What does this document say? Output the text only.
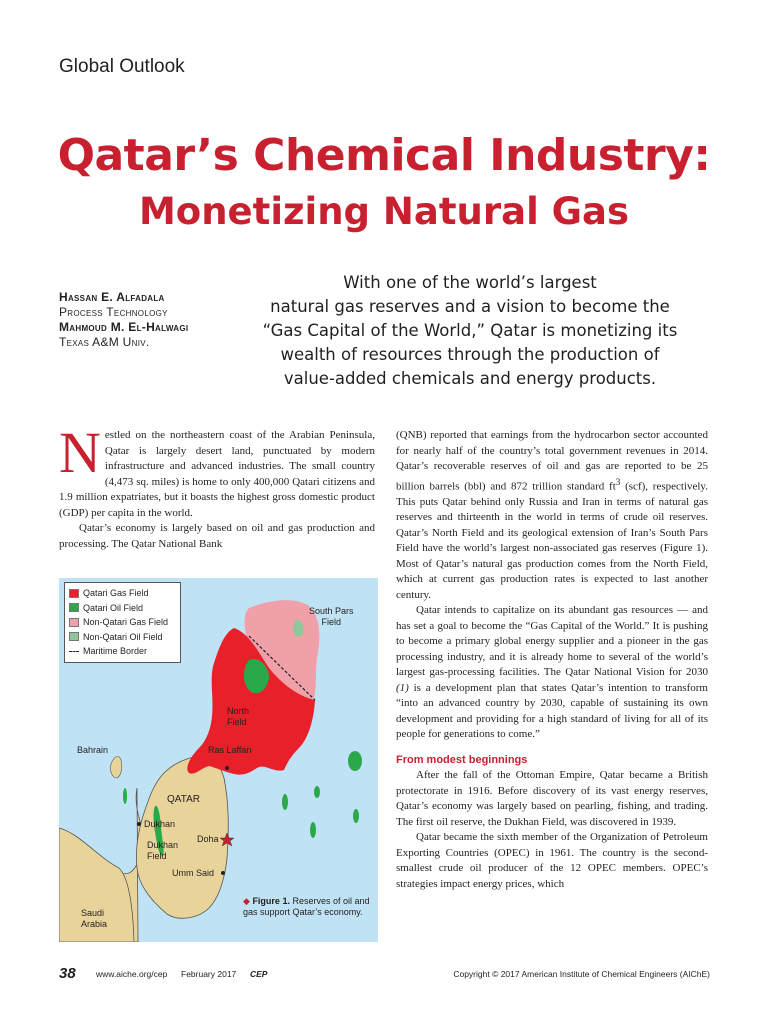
Global Outlook
Qatar’s Chemical Industry:
Monetizing Natural Gas
Hassan E. Alfadala
Process Technology
Mahmoud M. El-Halwagi
Texas A&M Univ.
With one of the world’s largest
natural gas reserves and a vision to become the
“Gas Capital of the World,” Qatar is monetizing its
wealth of resources through the production of
value-added chemicals and energy products.

Nestled on the northeastern coast of the Arabian Peninsula, Qatar is largely desert land, punctuated by modern infrastructure and advanced industries. The small country (4,473 sq. miles) is home to only 400,000 Qatari citizens and 1.9 million expatriates, but it boasts the highest gross domestic product (GDP) per capita in the world.

Qatar’s economy is largely based on oil and gas production and processing. The Qatar National Bank

Qatari Gas Field
Qatari Oil Field
Non-Qatari Gas Field
Non-Qatari Oil Field
Maritime Border
South Pars
Field
North
Field
Bahrain	Ras Laffan
QATAR
Dukhan
Dukhan
Field
Doha
Umm Said
Saudi
Arabia
◆ Figure 1. Reserves of oil and gas support Qatar’s economy.

(QNB) reported that earnings from the hydrocarbon sector accounted for nearly half of the country’s total government revenues in 2014. Qatar’s recoverable reserves of oil and gas are reported to be 25 billion barrels (bbl) and 872 trillion standard $ft^3$ (scf), respectively. This puts Qatar behind only Russia and Iran in terms of natural gas reserves and thirteenth in the world in terms of crude oil reserves. Qatar’s North Field and its geological extension of Iran’s South Pars Field have the world’s largest non-associated gas reserves (Figure 1). Most of Qatar’s natural gas production comes from the North Field, which at current gas production rates is expected to last another century.

Qatar intends to capitalize on its abundant gas resources — and has set a goal to become the “Gas Capital of the World.” It is pushing to become a primary global energy supplier and a pioneer in the gas processing industry, and it is already home to several of the world’s largest gas-processing facilities. The Qatar National Vision for 2030 (1) is a development plan that states Qatar’s intention to transform “into an advanced country by 2030, capable of sustaining its own development and providing for a high standard of living for all of its people for generations to come.”

From modest beginnings

After the fall of the Ottoman Empire, Qatar became a British protectorate in 1916. Before discovery of its vast energy reserves, Qatar’s economy was largely based on pearling, fishing, and trading. The first oil reserve, the Dukhan Field, was discovered in 1939.

Qatar became the sixth member of the Organization of Petroleum Exporting Countries (OPEC) in 1961. The country is the second-smallest crude oil producer of the 12 OPEC members. OPEC’s strategies impact energy prices, which

38 www.aiche.org/cep February 2017 CEP	Copyright © 2017 American Institute of Chemical Engineers (AIChE)
